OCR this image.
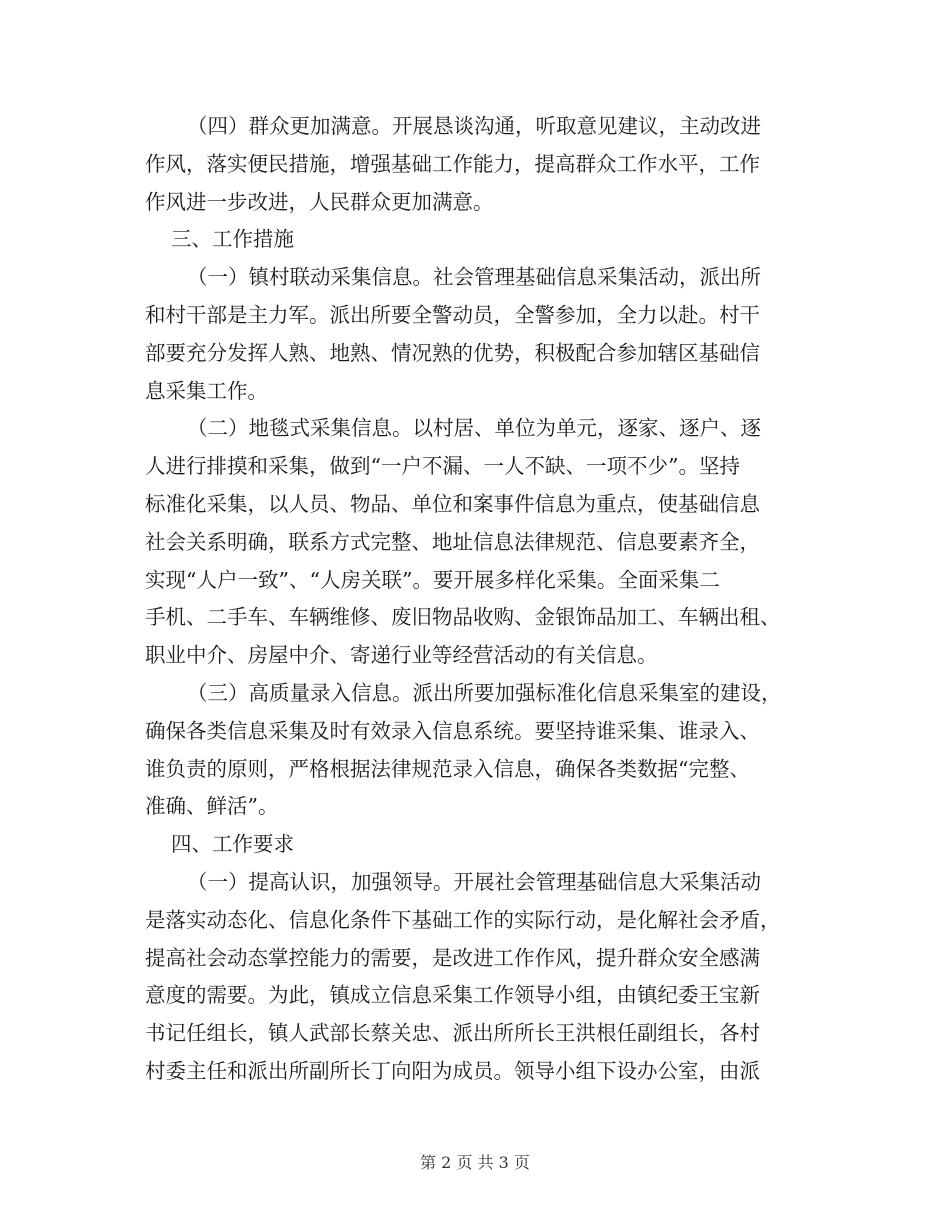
（四）群众更加满意。开展恳谈沟通，听取意见建议，主动改进
作风，落实便民措施，增强基础工作能力，提高群众工作水平，工作
作风进一步改进，人民群众更加满意。
三、工作措施
（一）镇村联动采集信息。社会管理基础信息采集活动，派出所
和村干部是主力军。派出所要全警动员，全警参加，全力以赴。村干
部要充分发挥人熟、地熟、情况熟的优势，积极配合参加辖区基础信
息采集工作。
（二）地毯式采集信息。以村居、单位为单元，逐家、逐户、逐
人进行排摸和采集，做到“一户不漏、一人不缺、一项不少”。坚持
标准化采集，以人员、物品、单位和案事件信息为重点，使基础信息
社会关系明确，联系方式完整、地址信息法律规范、信息要素齐全，
实现“人户一致”、“人房关联”。要开展多样化采集。全面采集二
手机、二手车、车辆维修、废旧物品收购、金银饰品加工、车辆出租、
职业中介、房屋中介、寄递行业等经营活动的有关信息。
（三）高质量录入信息。派出所要加强标准化信息采集室的建设，
确保各类信息采集及时有效录入信息系统。要坚持谁采集、谁录入、
谁负责的原则，严格根据法律规范录入信息，确保各类数据“完整、
准确、鲜活”。
四、工作要求
（一）提高认识，加强领导。开展社会管理基础信息大采集活动
是落实动态化、信息化条件下基础工作的实际行动，是化解社会矛盾，
提高社会动态掌控能力的需要，是改进工作作风，提升群众安全感满
意度的需要。为此，镇成立信息采集工作领导小组，由镇纪委王宝新
书记任组长，镇人武部长蔡关忠、派出所所长王洪根任副组长，各村
村委主任和派出所副所长丁向阳为成员。领导小组下设办公室，由派
第 2 页 共 3 页
